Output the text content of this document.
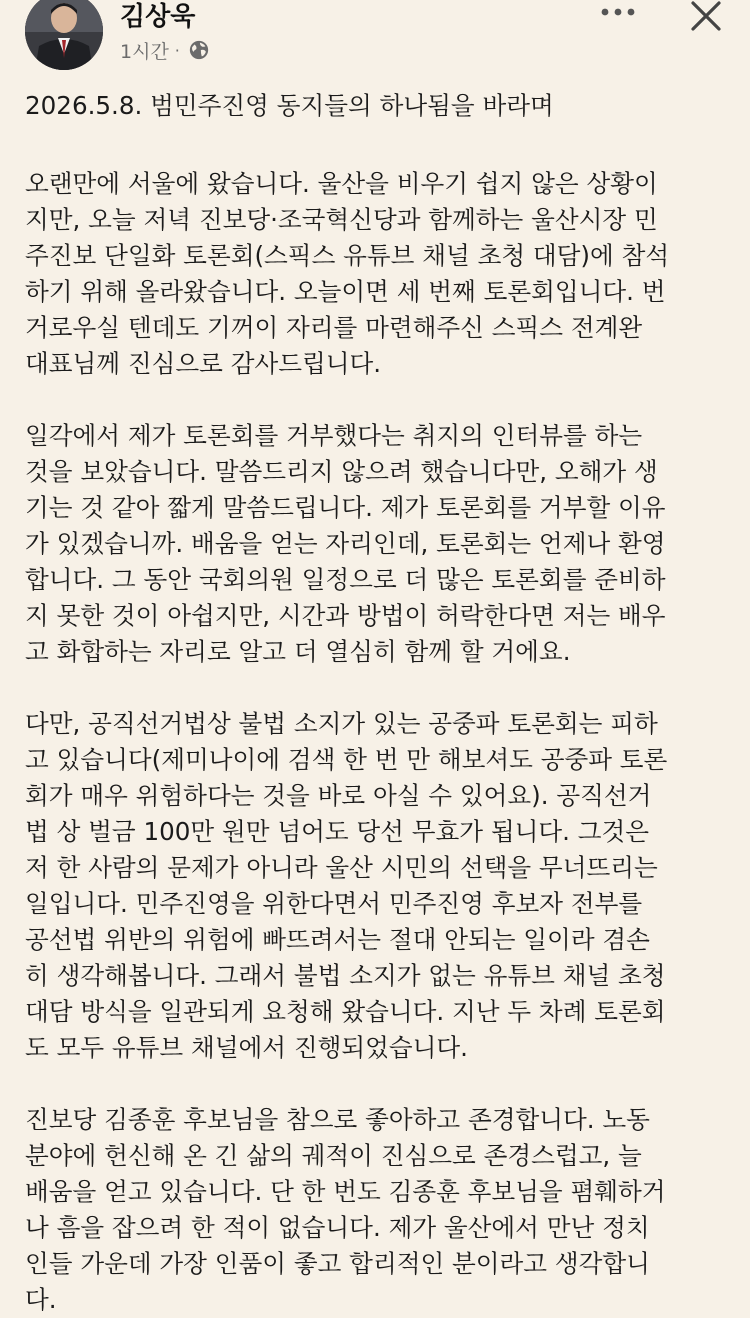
김상욱
1시간 ·
2026.5.8. 범민주진영 동지들의 하나됨을 바라며
오랜만에 서울에 왔습니다. 울산을 비우기 쉽지 않은 상황이
지만, 오늘 저녁 진보당·조국혁신당과 함께하는 울산시장 민
주진보 단일화 토론회(스픽스 유튜브 채널 초청 대담)에 참석
하기 위해 올라왔습니다. 오늘이면 세 번째 토론회입니다. 번
거로우실 텐데도 기꺼이 자리를 마련해주신 스픽스 전계완
대표님께 진심으로 감사드립니다.
일각에서 제가 토론회를 거부했다는 취지의 인터뷰를 하는
것을 보았습니다. 말씀드리지 않으려 했습니다만, 오해가 생
기는 것 같아 짧게 말씀드립니다. 제가 토론회를 거부할 이유
가 있겠습니까. 배움을 얻는 자리인데, 토론회는 언제나 환영
합니다. 그 동안 국회의원 일정으로 더 많은 토론회를 준비하
지 못한 것이 아쉽지만, 시간과 방법이 허락한다면 저는 배우
고 화합하는 자리로 알고 더 열심히 함께 할 거에요.
다만, 공직선거법상 불법 소지가 있는 공중파 토론회는 피하
고 있습니다(제미나이에 검색 한 번 만 해보셔도 공중파 토론
회가 매우 위험하다는 것을 바로 아실 수 있어요). 공직선거
법 상 벌금 100만 원만 넘어도 당선 무효가 됩니다. 그것은
저 한 사람의 문제가 아니라 울산 시민의 선택을 무너뜨리는
일입니다. 민주진영을 위한다면서 민주진영 후보자 전부를
공선법 위반의 위험에 빠뜨려서는 절대 안되는 일이라 겸손
히 생각해봅니다. 그래서 불법 소지가 없는 유튜브 채널 초청
대담 방식을 일관되게 요청해 왔습니다. 지난 두 차례 토론회
도 모두 유튜브 채널에서 진행되었습니다.
진보당 김종훈 후보님을 참으로 좋아하고 존경합니다. 노동
분야에 헌신해 온 긴 삶의 궤적이 진심으로 존경스럽고, 늘
배움을 얻고 있습니다. 단 한 번도 김종훈 후보님을 폄훼하거
나 흠을 잡으려 한 적이 없습니다. 제가 울산에서 만난 정치
인들 가운데 가장 인품이 좋고 합리적인 분이라고 생각합니
다.
